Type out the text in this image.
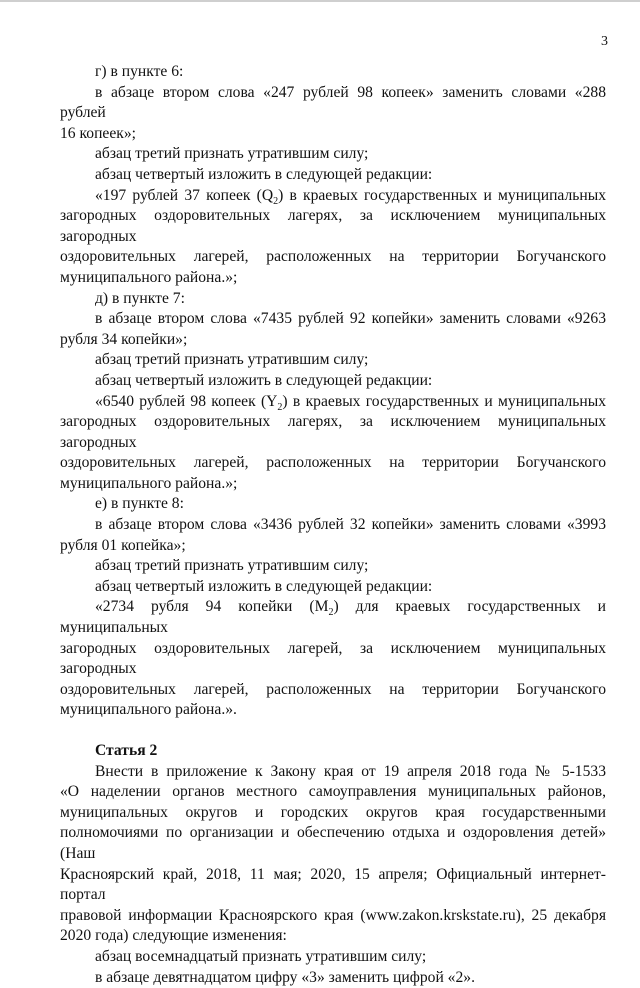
3

г) в пункте 6:

в абзаце втором слова «247 рублей 98 копеек» заменить словами «288 рублей

16 копеек»;

абзац третий признать утратившим силу;

абзац четвертый изложить в следующей редакции:

«197 рублей 37 копеек $(Q_2)$ в краевых государственных и муниципальных

загородных оздоровительных лагерях, за исключением муниципальных загородных

оздоровительных лагерей, расположенных на территории Богучанского

муниципального района.»;

д) в пункте 7:

в абзаце втором слова «7435 рублей 92 копейки» заменить словами «9263

рубля 34 копейки»;

абзац третий признать утратившим силу;

абзац четвертый изложить в следующей редакции:

«6540 рублей 98 копеек $(Y_2)$ в краевых государственных и муниципальных

загородных оздоровительных лагерях, за исключением муниципальных загородных

оздоровительных лагерей, расположенных на территории Богучанского

муниципального района.»;

е) в пункте 8:

в абзаце втором слова «3436 рублей 32 копейки» заменить словами «3993

рубля 01 копейка»;

абзац третий признать утратившим силу;

абзац четвертый изложить в следующей редакции:

«2734 рубля 94 копейки $(M_2)$ для краевых государственных и муниципальных

загородных оздоровительных лагерей, за исключением муниципальных загородных

оздоровительных лагерей, расположенных на территории Богучанского

муниципального района.».

Статья 2

Внести в приложение к Закону края от 19 апреля 2018 года № 5-1533

«О наделении органов местного самоуправления муниципальных районов,

муниципальных округов и городских округов края государственными

полномочиями по организации и обеспечению отдыха и оздоровления детей» (Наш

Красноярский край, 2018, 11 мая; 2020, 15 апреля; Официальный интернет-портал

правовой информации Красноярского края (www.zakon.krskstate.ru), 25 декабря

2020 года) следующие изменения:

абзац восемнадцатый признать утратившим силу;

в абзаце девятнадцатом цифру «3» заменить цифрой «2».
